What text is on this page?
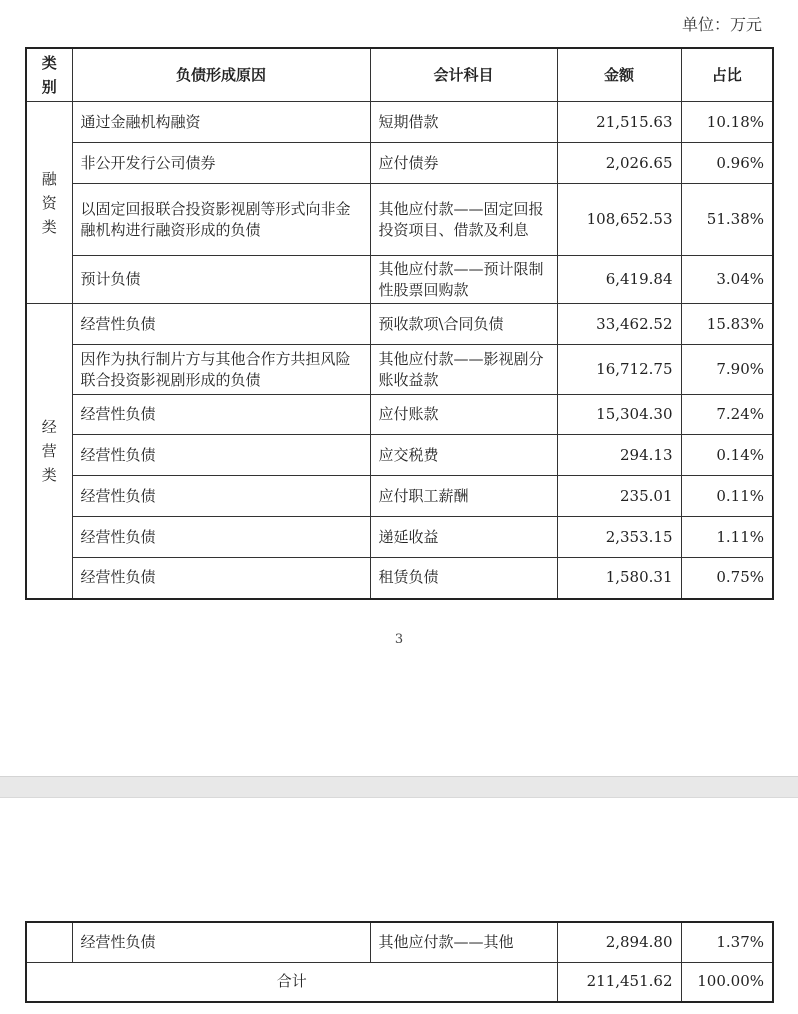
单位：万元
类别	负债形成原因	会计科目	金额	占比
融资类	通过金融机构融资	短期借款	21,515.63	10.18%
	非公开发行公司债券	应付债券	2,026.65	0.96%
	以固定回报联合投资影视剧等形式向非金融机构进行融资形成的负债	其他应付款——固定回报投资项目、借款及利息	108,652.53	51.38%
	预计负债	其他应付款——预计限制性股票回购款	6,419.84	3.04%
经营类	经营性负债	预收款项\合同负债	33,462.52	15.83%
	因作为执行制片方与其他合作方共担风险联合投资影视剧形成的负债	其他应付款——影视剧分账收益款	16,712.75	7.90%
	经营性负债	应付账款	15,304.30	7.24%
	经营性负债	应交税费	294.13	0.14%
	经营性负债	应付职工薪酬	235.01	0.11%
	经营性负债	递延收益	2,353.15	1.11%
	经营性负债	租赁负债	1,580.31	0.75%
3
	经营性负债	其他应付款——其他	2,894.80	1.37%
合计			211,451.62	100.00%
